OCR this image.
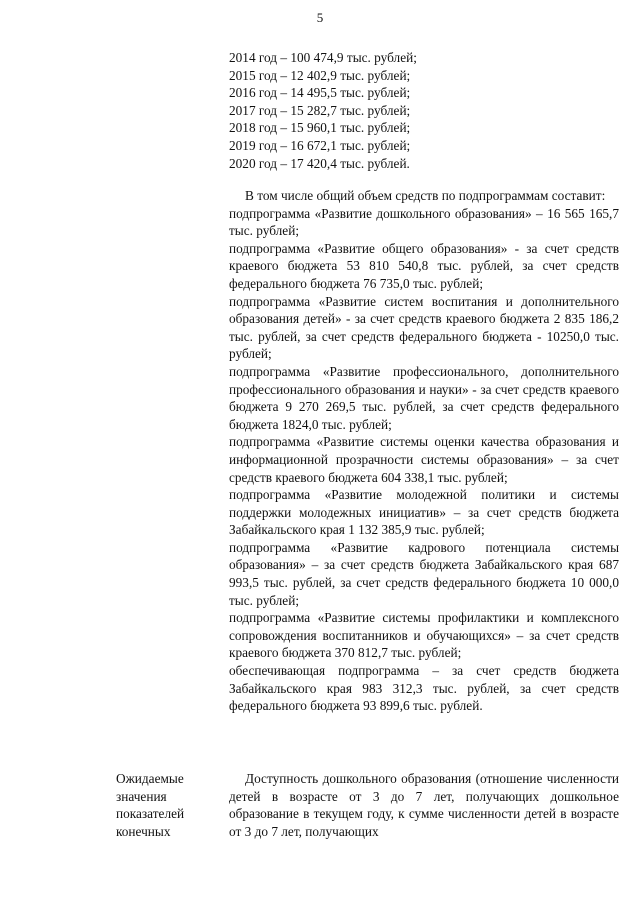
5
2014 год – 100 474,9 тыс. рублей;
2015 год – 12 402,9 тыс. рублей;
2016 год – 14 495,5 тыс. рублей;
2017 год – 15 282,7 тыс. рублей;
2018 год – 15 960,1 тыс. рублей;
2019 год – 16 672,1 тыс. рублей;
2020 год – 17 420,4 тыс. рублей.

В том числе общий объем средств по подпрограммам составит:

подпрограмма «Развитие дошкольного образования» – 16 565 165,7 тыс. рублей;

подпрограмма «Развитие общего образования» - за счет средств краевого бюджета 53 810 540,8 тыс. рублей, за счет средств федерального бюджета 76 735,0 тыс. рублей;

подпрограмма «Развитие систем воспитания и дополнительного образования детей» - за счет средств краевого бюджета 2 835 186,2 тыс. рублей, за счет средств федерального бюджета - 10250,0 тыс. рублей;

подпрограмма «Развитие профессионального, дополнительного профессионального образования и науки» - за счет средств краевого бюджета 9 270 269,5 тыс. рублей, за счет средств федерального бюджета 1824,0 тыс. рублей;

подпрограмма «Развитие системы оценки качества образования и информационной прозрачности системы образования» – за счет средств краевого бюджета 604 338,1 тыс. рублей;

подпрограмма «Развитие молодежной политики и системы поддержки молодежных инициатив» – за счет средств бюджета Забайкальского края 1 132 385,9 тыс. рублей;

подпрограмма «Развитие кадрового потенциала системы образования» – за счет средств бюджета Забайкальского края 687 993,5 тыс. рублей, за счет средств федерального бюджета 10 000,0 тыс. рублей;

подпрограмма «Развитие системы профилактики и комплексного сопровождения воспитанников и обучающихся» – за счет средств краевого бюджета 370 812,7 тыс. рублей;

обеспечивающая подпрограмма – за счет средств бюджета Забайкальского края 983 312,3 тыс. рублей, за счет средств федерального бюджета 93 899,6 тыс. рублей.

Ожидаемые
значения
показателей
конечных

Доступность дошкольного образования (отношение численности детей в возрасте от 3 до 7 лет, получающих дошкольное образование в текущем году, к сумме численности детей в возрасте от 3 до 7 лет, получающих
